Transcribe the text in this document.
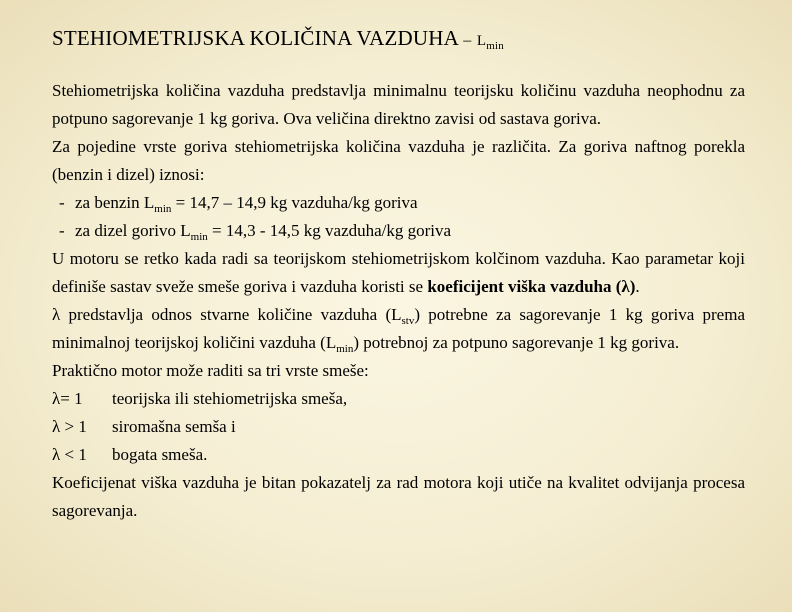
STEHIOMETRIJSKA KOLIČINA VAZDUHA – $L_{min}$

Stehiometrijska količina vazduha predstavlja minimalnu teorijsku količinu vazduha neophodnu za potpuno sagorevanje 1 kg goriva. Ova veličina direktno zavisi od sastava goriva.

Za pojedine vrste goriva stehiometrijska količina vazduha je različita. Za goriva naftnog porekla (benzin i dizel) iznosi:

- za benzin $L_{min} = 14,7 - 14,9$ kg vazduha/kg goriva

- za dizel gorivo $L_{min} = 14,3 - 14,5$ kg vazduha/kg goriva

U motoru se retko kada radi sa teorijskom stehiometrijskom kolčinom vazduha. Kao parametar koji definiše sastav sveže smeše goriva i vazduha koristi se koeficijent viška vazduha (λ).

λ predstavlja odnos stvarne količine vazduha $(L_{stv})$ potrebne za sagorevanje 1 kg goriva prema minimalnoj teorijskoj količini vazduha $(L_{min})$ potrebnoj za potpuno sagorevanje 1 kg goriva.

Praktično motor može raditi sa tri vrste smeše:

λ= 1 teorijska ili stehiometrijska smeša,

λ > 1 siromašna semša i

λ < 1 bogata smeša.

Koeficijenat viška vazduha je bitan pokazatelj za rad motora koji utiče na kvalitet odvijanja procesa sagorevanja.
